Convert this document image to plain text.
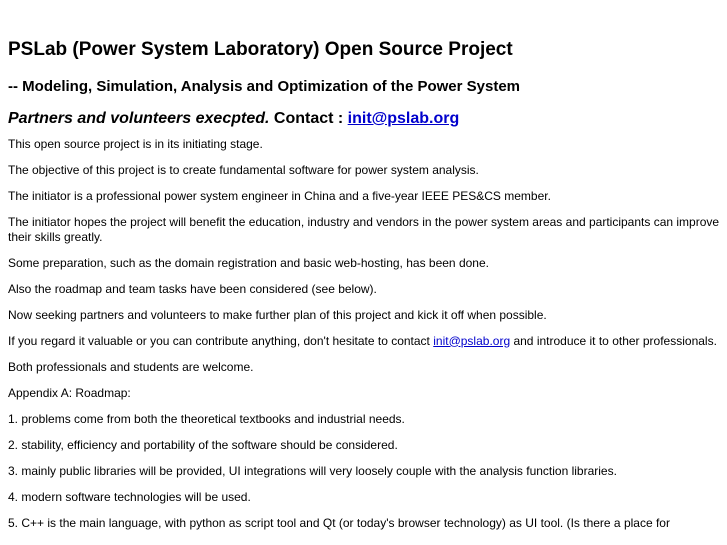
PSLab (Power System Laboratory) Open Source Project
-- Modeling, Simulation, Analysis and Optimization of the Power System
Partners and volunteers execpted. Contact : init@pslab.org

This open source project is in its initiating stage.

The objective of this project is to create fundamental software for power system analysis.

The initiator is a professional power system engineer in China and a five-year IEEE PES&CS member.

The initiator hopes the project will benefit the education, industry and vendors in the power system areas and participants can improve their skills greatly.

Some preparation, such as the domain registration and basic web-hosting, has been done.

Also the roadmap and team tasks have been considered (see below).

Now seeking partners and volunteers to make further plan of this project and kick it off when possible.

If you regard it valuable or you can contribute anything, don't hesitate to contact init@pslab.org and introduce it to other professionals.

Both professionals and students are welcome.

Appendix A: Roadmap:

1. problems come from both the theoretical textbooks and industrial needs.

2. stability, efficiency and portability of the software should be considered.

3. mainly public libraries will be provided, UI integrations will very loosely couple with the analysis function libraries.

4. modern software technologies will be used.

5. C++ is the main language, with python as script tool and Qt (or today's browser technology) as UI tool. (Is there a place for
